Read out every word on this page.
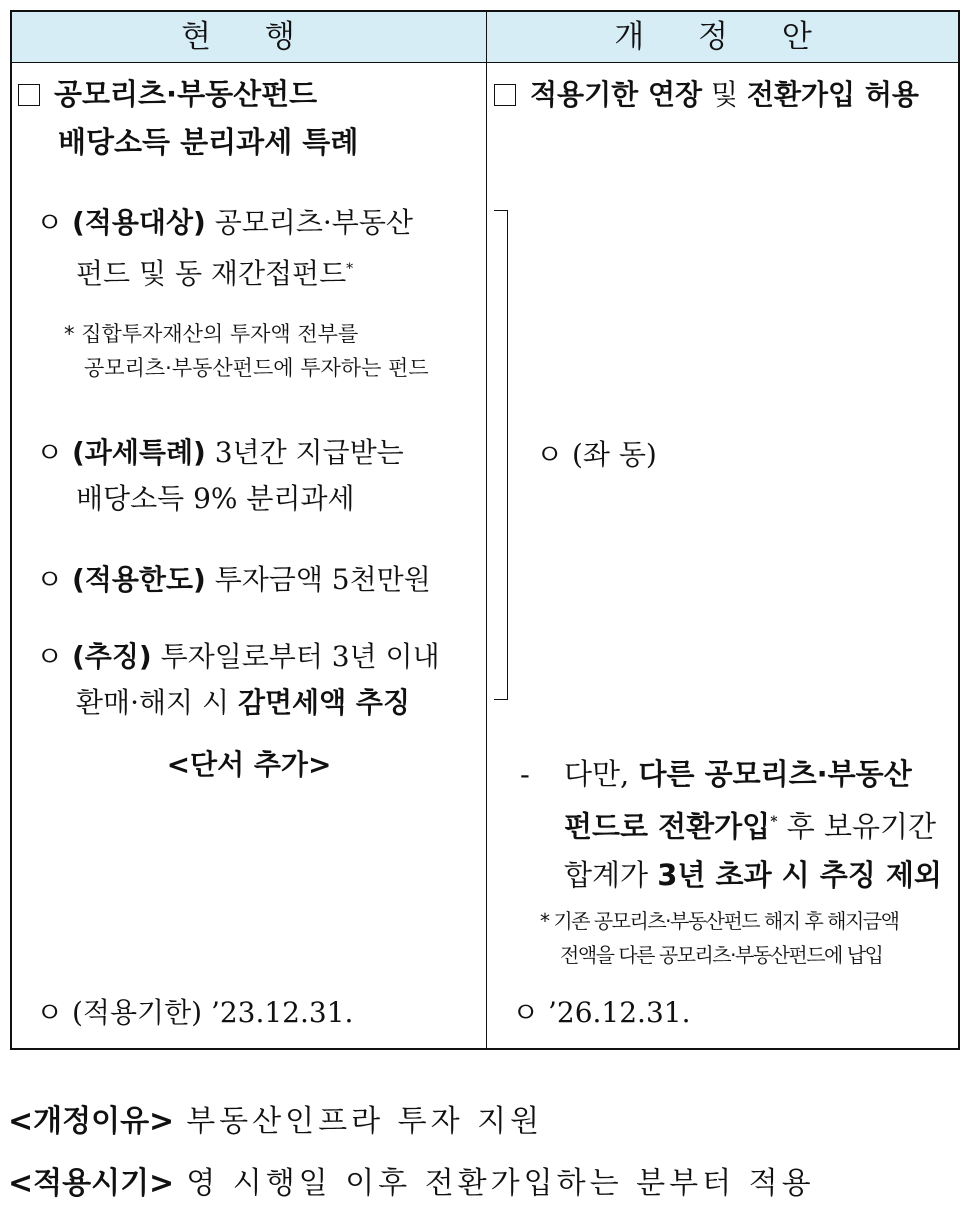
현 행	개 정 안
공모리츠·부동산펀드
배당소득 분리과세 특례
ㅇ (적용대상) 공모리츠·부동산
펀드 및 동 재간접펀드*
* 집합투자재산의 투자액 전부를
공모리츠·부동산펀드에 투자하는 펀드
ㅇ (과세특례) 3년간 지급받는
배당소득 9% 분리과세
ㅇ (적용한도) 투자금액 5천만원
ㅇ (추징) 투자일로부터 3년 이내
환매·해지 시 감면세액 추징
<단서 추가>
ㅇ (적용기한) ’23.12.31.
적용기한 연장 및 전환가입 허용
ㅇ (좌 동)
-	다만, 다른 공모리츠·부동산
펀드로 전환가입* 후 보유기간
합계가 3년 초과 시 추징 제외
* 기존 공모리츠·부동산펀드 해지 후 해지금액
전액을 다른 공모리츠·부동산펀드에 납입
ㅇ ’26.12.31.
<개정이유> 부동산인프라 투자 지원
<적용시기> 영 시행일 이후 전환가입하는 분부터 적용
